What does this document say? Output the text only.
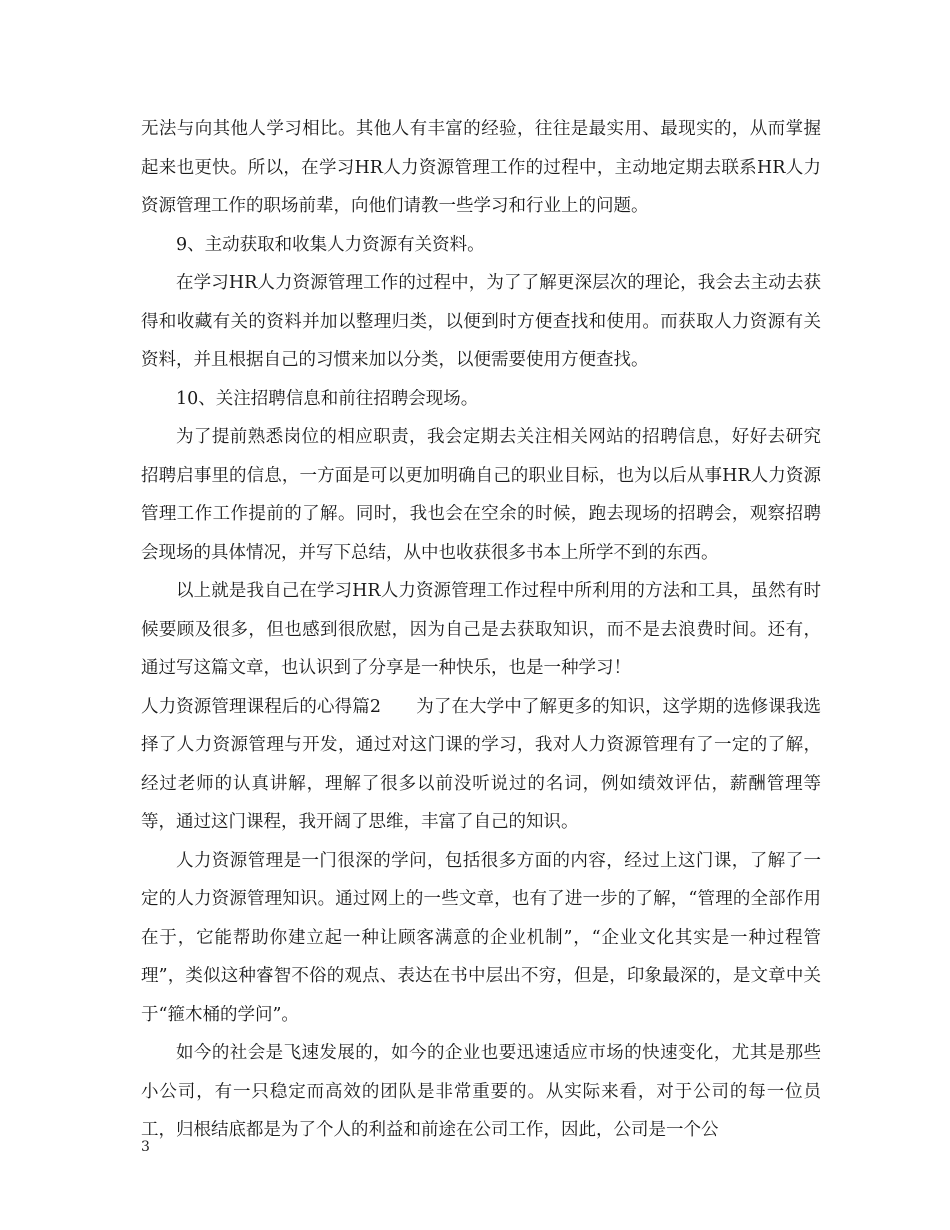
无法与向其他人学习相比。其他人有丰富的经验，往往是最实用、最现实的，从而掌握起来也更快。所以，在学习HR人力资源管理工作的过程中，主动地定期去联系HR人力资源管理工作的职场前辈，向他们请教一些学习和行业上的问题。

9、主动获取和收集人力资源有关资料。

在学习HR人力资源管理工作的过程中，为了了解更深层次的理论，我会去主动去获得和收藏有关的资料并加以整理归类，以便到时方便查找和使用。而获取人力资源有关资料，并且根据自己的习惯来加以分类，以便需要使用方便查找。

10、关注招聘信息和前往招聘会现场。

为了提前熟悉岗位的相应职责，我会定期去关注相关网站的招聘信息，好好去研究招聘启事里的信息，一方面是可以更加明确自己的职业目标，也为以后从事HR人力资源管理工作工作提前的了解。同时，我也会在空余的时候，跑去现场的招聘会，观察招聘会现场的具体情况，并写下总结，从中也收获很多书本上所学不到的东西。

以上就是我自己在学习HR人力资源管理工作过程中所利用的方法和工具，虽然有时候要顾及很多，但也感到很欣慰，因为自己是去获取知识，而不是去浪费时间。还有，通过写这篇文章，也认识到了分享是一种快乐，也是一种学习！

人力资源管理课程后的心得篇2　　为了在大学中了解更多的知识，这学期的选修课我选择了人力资源管理与开发，通过对这门课的学习，我对人力资源管理有了一定的了解，经过老师的认真讲解，理解了很多以前没听说过的名词，例如绩效评估，薪酬管理等等，通过这门课程，我开阔了思维，丰富了自己的知识。

人力资源管理是一门很深的学问，包括很多方面的内容，经过上这门课，了解了一定的人力资源管理知识。通过网上的一些文章，也有了进一步的了解，“管理的全部作用在于，它能帮助你建立起一种让顾客满意的企业机制”，“企业文化其实是一种过程管理”，类似这种睿智不俗的观点、表达在书中层出不穷，但是，印象最深的，是文章中关于“箍木桶的学问”。

如今的社会是飞速发展的，如今的企业也要迅速适应市场的快速变化，尤其是那些小公司，有一只稳定而高效的团队是非常重要的。从实际来看，对于公司的每一位员工，归根结底都是为了个人的利益和前途在公司工作，因此，公司是一个公

3
